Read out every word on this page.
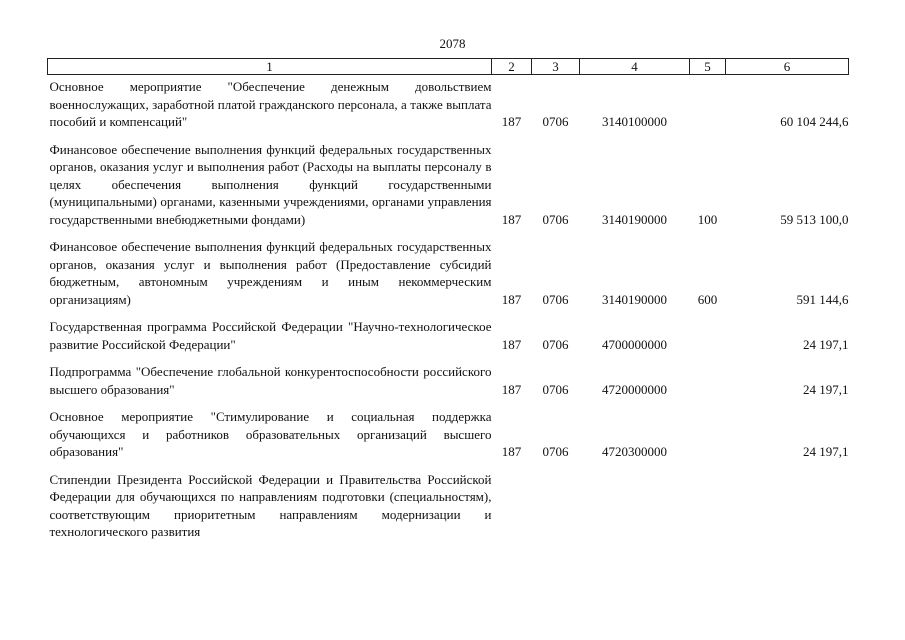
2078
1	2	3	4	5	6
Основное мероприятие "Обеспечение денежным довольствием военнослужащих, заработной платой гражданского персонала, а также выплата пособий и компенсаций"	187	0706	3140100000		60 104 244,6
Финансовое обеспечение выполнения функций федеральных государственных органов, оказания услуг и выполнения работ (Расходы на выплаты персоналу в целях обеспечения выполнения функций государственными (муниципальными) органами, казенными учреждениями, органами управления государственными внебюджетными фондами)	187	0706	3140190000	100	59 513 100,0
Финансовое обеспечение выполнения функций федеральных государственных органов, оказания услуг и выполнения работ (Предоставление субсидий бюджетным, автономным учреждениям и иным некоммерческим организациям)	187	0706	3140190000	600	591 144,6
Государственная программа Российской Федерации "Научно-технологическое развитие Российской Федерации"	187	0706	4700000000		24 197,1
Подпрограмма "Обеспечение глобальной конкурентоспособности российского высшего образования"	187	0706	4720000000		24 197,1
Основное мероприятие "Стимулирование и социальная поддержка обучающихся и работников образовательных организаций высшего образования"	187	0706	4720300000		24 197,1
Стипендии Президента Российской Федерации и Правительства Российской Федерации для обучающихся по направлениям подготовки (специальностям), соответствующим приоритетным направлениям модернизации и технологического развития					
